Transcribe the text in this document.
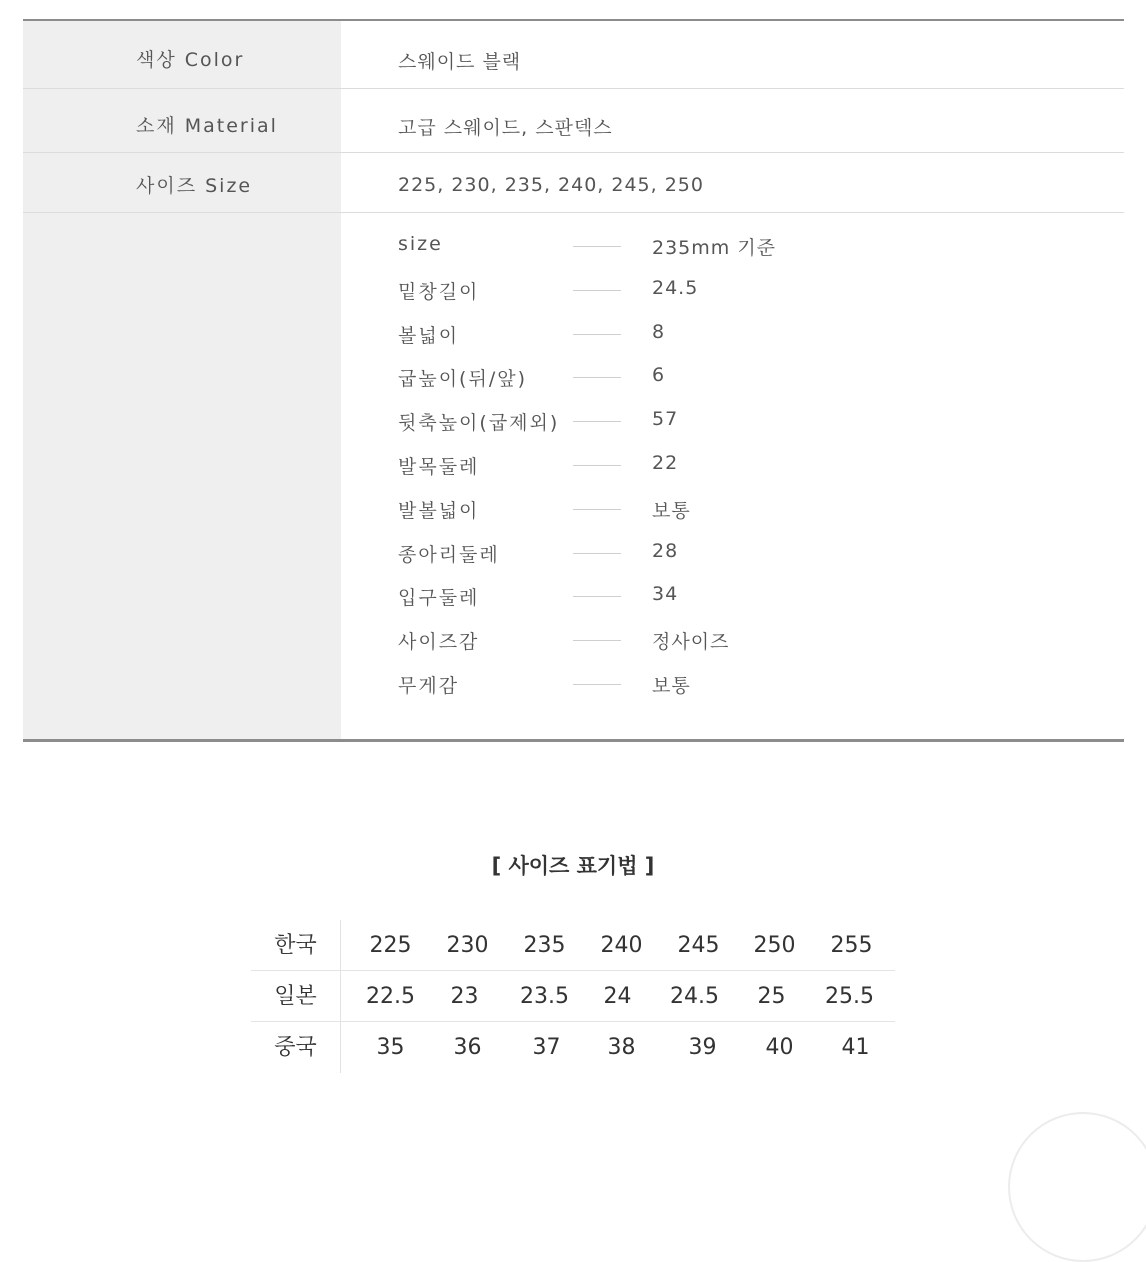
색상 Color	스웨이드 블랙
소재 Material	고급 스웨이드, 스판덱스
사이즈 Size	225, 230, 235, 240, 245, 250
size	235mm 기준
밑창길이	24.5
볼넓이	8
굽높이(뒤/앞)	6
뒷축높이(굽제외)	57
발목둘레	22
발볼넓이	보통
종아리둘레	28
입구둘레	34
사이즈감	정사이즈
무게감	보통
[ 사이즈 표기법 ]
한국	225	230	235	240	245	250	255
일본	22.5	23	23.5	24	24.5	25	25.5
중국	35	36	37	38	39	40	41
